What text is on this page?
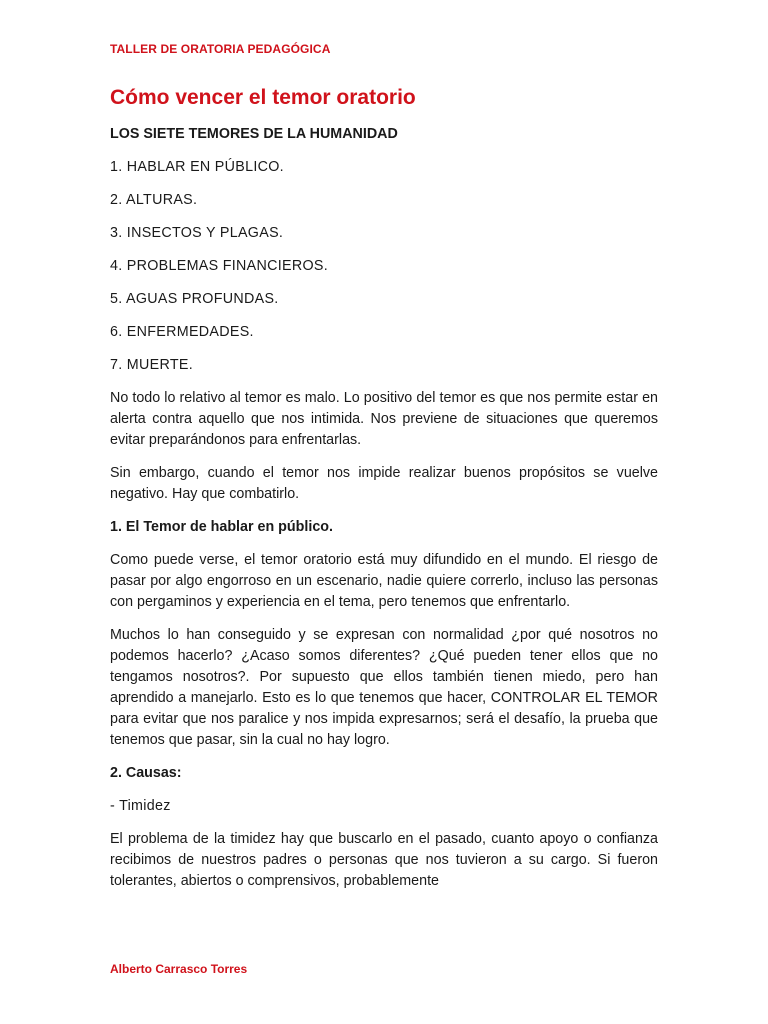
TALLER DE ORATORIA PEDAGÓGICA
Cómo vencer el temor oratorio

LOS SIETE TEMORES DE LA HUMANIDAD

1. HABLAR EN PÚBLICO.

2. ALTURAS.

3. INSECTOS Y PLAGAS.

4. PROBLEMAS FINANCIEROS.

5. AGUAS PROFUNDAS.

6. ENFERMEDADES.

7. MUERTE.

No todo lo relativo al temor es malo. Lo positivo del temor es que nos permite estar en alerta contra aquello que nos intimida. Nos previene de situaciones que queremos evitar preparándonos para enfrentarlas.

Sin embargo, cuando el temor nos impide realizar buenos propósitos se vuelve negativo. Hay que combatirlo.

1. El Temor de hablar en público.

Como puede verse, el temor oratorio está muy difundido en el mundo. El riesgo de pasar por algo engorroso en un escenario, nadie quiere correrlo, incluso las personas con pergaminos y experiencia en el tema, pero tenemos que enfrentarlo.

Muchos lo han conseguido y se expresan con normalidad ¿por qué nosotros no podemos hacerlo? ¿Acaso somos diferentes? ¿Qué pueden tener ellos que no tengamos nosotros?. Por supuesto que ellos también tienen miedo, pero han aprendido a manejarlo. Esto es lo que tenemos que hacer, CONTROLAR EL TEMOR para evitar que nos paralice y nos impida expresarnos; será el desafío, la prueba que tenemos que pasar, sin la cual no hay logro.

2. Causas:

- Timidez

El problema de la timidez hay que buscarlo en el pasado, cuanto apoyo o confianza recibimos de nuestros padres o personas que nos tuvieron a su cargo. Si fueron tolerantes, abiertos o comprensivos, probablemente

Alberto Carrasco Torres
